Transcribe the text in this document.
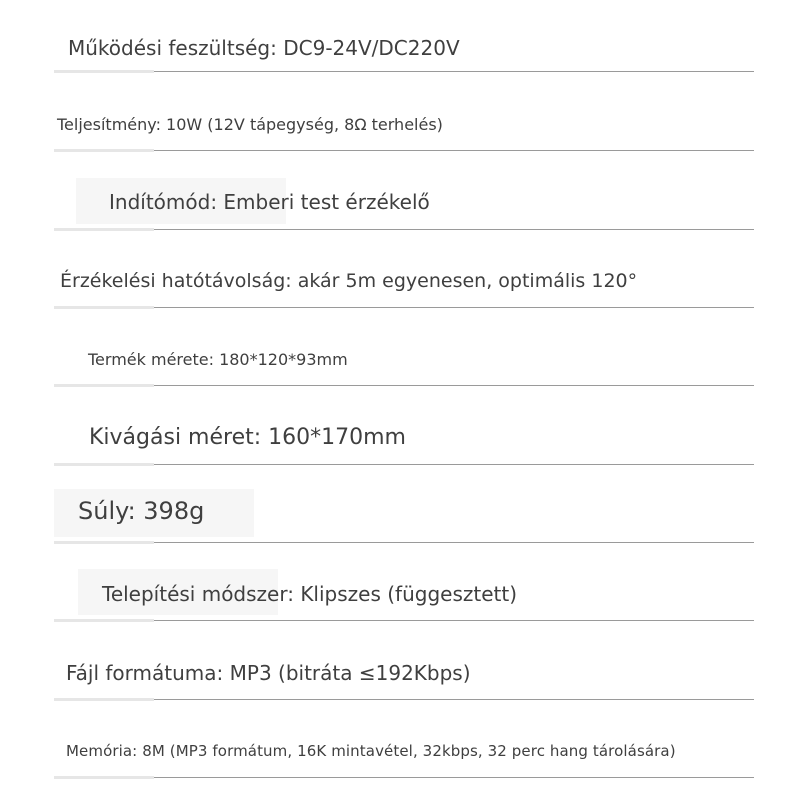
Működési feszültség: DC9-24V/DC220V
Teljesítmény: 10W (12V tápegység, 8Ω terhelés)
Indítómód: Emberi test érzékelő
Érzékelési hatótávolság: akár 5m egyenesen, optimális 120°
Termék mérete: 180*120*93mm
Kivágási méret: 160*170mm
Súly: 398g
Telepítési módszer: Klipszes (függesztett)
Fájl formátuma: MP3 (bitráta ≤192Kbps)
Memória: 8M (MP3 formátum, 16K mintavétel, 32kbps, 32 perc hang tárolására)
